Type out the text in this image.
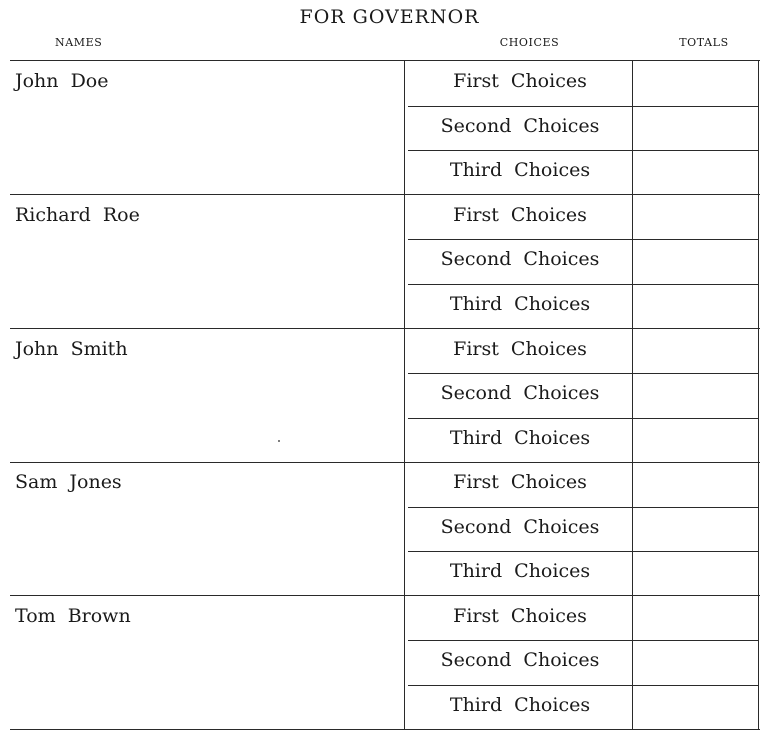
FOR GOVERNOR
NAMES	CHOICES	TOTALS
John Doe	First Choices
Second Choices
Third Choices
Richard Roe	First Choices
Second Choices
Third Choices
John Smith	First Choices
Second Choices
Third Choices
Sam Jones	First Choices
Second Choices
Third Choices
Tom Brown	First Choices
Second Choices
Third Choices
